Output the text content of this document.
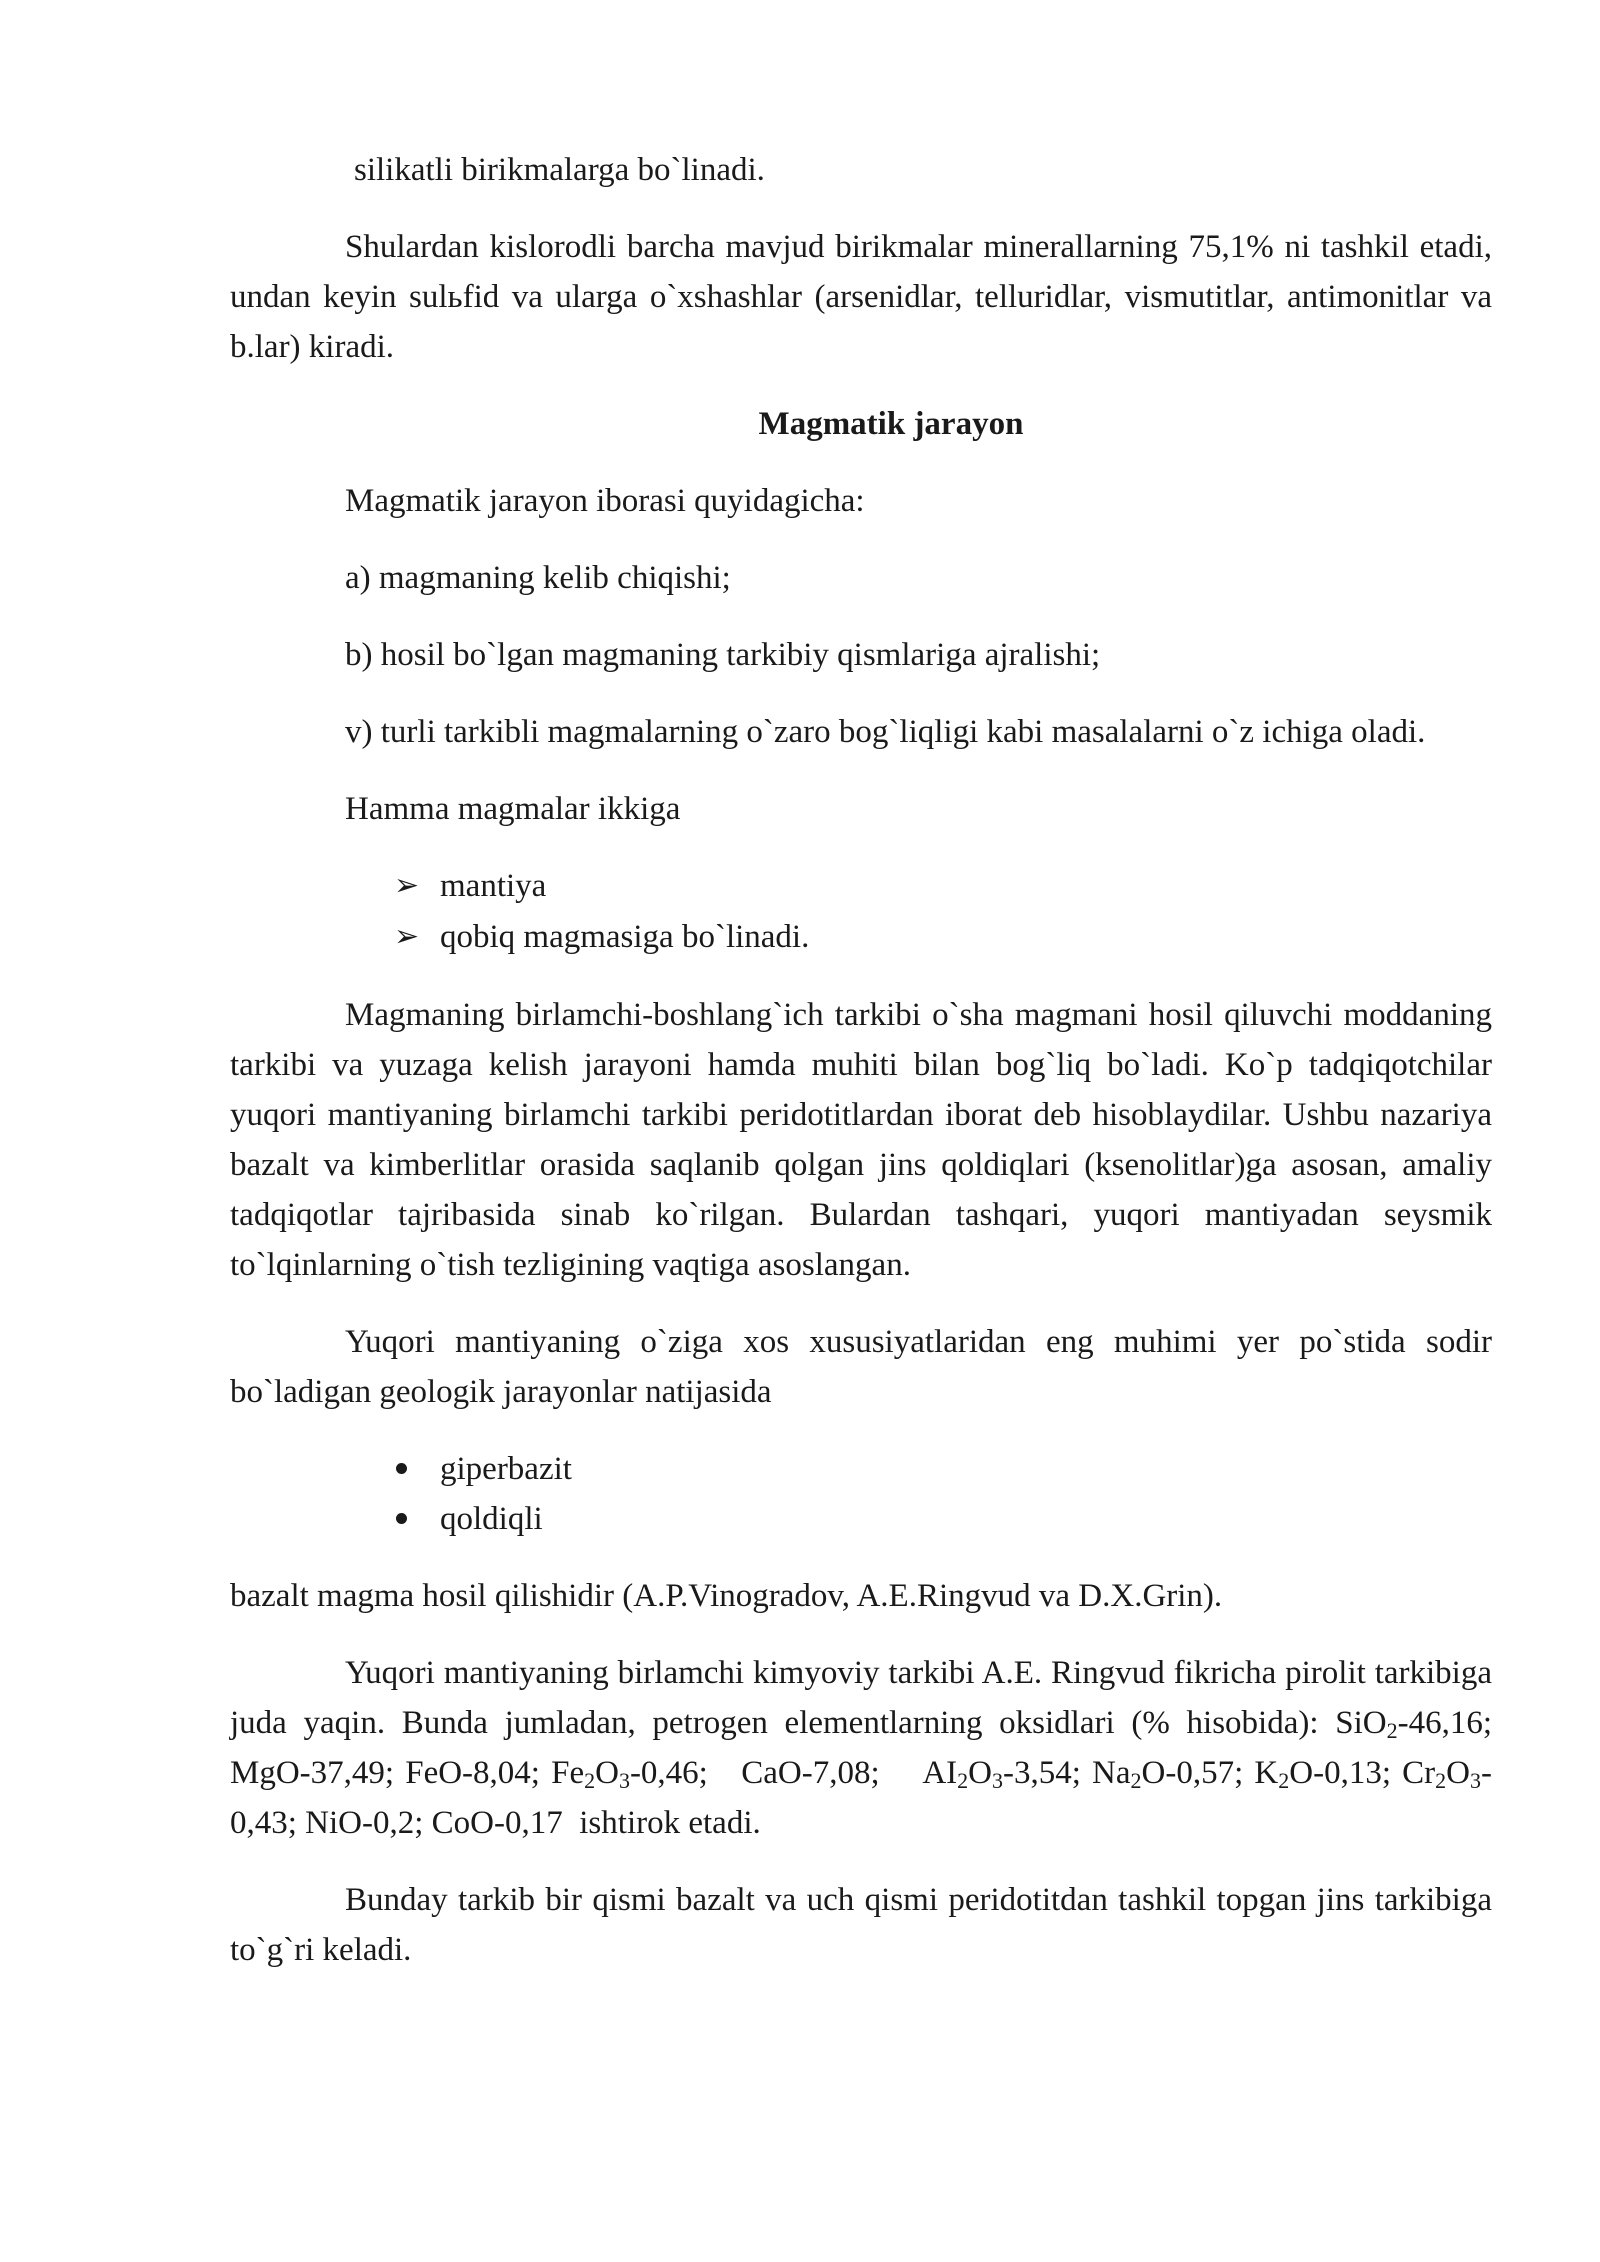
silikatli birikmalarga bo`linadi.

Shulardan kislorodli barcha mavjud birikmalar minerallarning 75,1% ni tashkil etadi, undan keyin sulьfid va ularga o`xshashlar (arsenidlar, telluridlar, vismutitlar, antimonitlar va b.lar) kiradi.

Magmatik jarayon

Magmatik jarayon iborasi quyidagicha:

a) magmaning kelib chiqishi;

b) hosil bo`lgan magmaning tarkibiy qismlariga ajralishi;

v) turli tarkibli magmalarning o`zaro bog`liqligi kabi masalalarni o`z ichiga oladi.

Hamma magmalar ikkiga

➢ mantiya
➢ qobiq magmasiga bo`linadi.

Magmaning birlamchi-boshlang`ich tarkibi o`sha magmani hosil qiluvchi moddaning tarkibi va yuzaga kelish jarayoni hamda muhiti bilan bog`liq bo`ladi. Ko`p tadqiqotchilar yuqori mantiyaning birlamchi tarkibi peridotitlardan iborat deb hisoblaydilar. Ushbu nazariya bazalt va kimberlitlar orasida saqlanib qolgan jins qoldiqlari (ksenolitlar)ga asosan, amaliy tadqiqotlar tajribasida sinab ko`rilgan. Bulardan tashqari, yuqori mantiyadan seysmik to`lqinlarning o`tish tezligining vaqtiga asoslangan.

Yuqori mantiyaning o`ziga xos xususiyatlaridan eng muhimi yer po`stida sodir bo`ladigan geologik jarayonlar natijasida

giperbazit
qoldiqli

bazalt magma hosil qilishidir (A.P.Vinogradov, A.E.Ringvud va D.X.Grin).

Yuqori mantiyaning birlamchi kimyoviy tarkibi A.E. Ringvud fikricha pirolit tarkibiga juda yaqin. Bunda jumladan, petrogen elementlarning oksidlari (% hisobida): SiO$_2$-46,16; MgO-37,49; FeO-8,04; $Fe_2O_3-0,46$;   CaO-7,08;    $AI_2O_3-3,54$; $Na_2O-0,57$; $K_2O-0,13$; $Cr_2O_3-0,43$; NiO-0,2; CoO-0,17  ishtirok etadi.

Bunday tarkib bir qismi bazalt va uch qismi peridotitdan tashkil topgan jins tarkibiga to`g`ri keladi.
